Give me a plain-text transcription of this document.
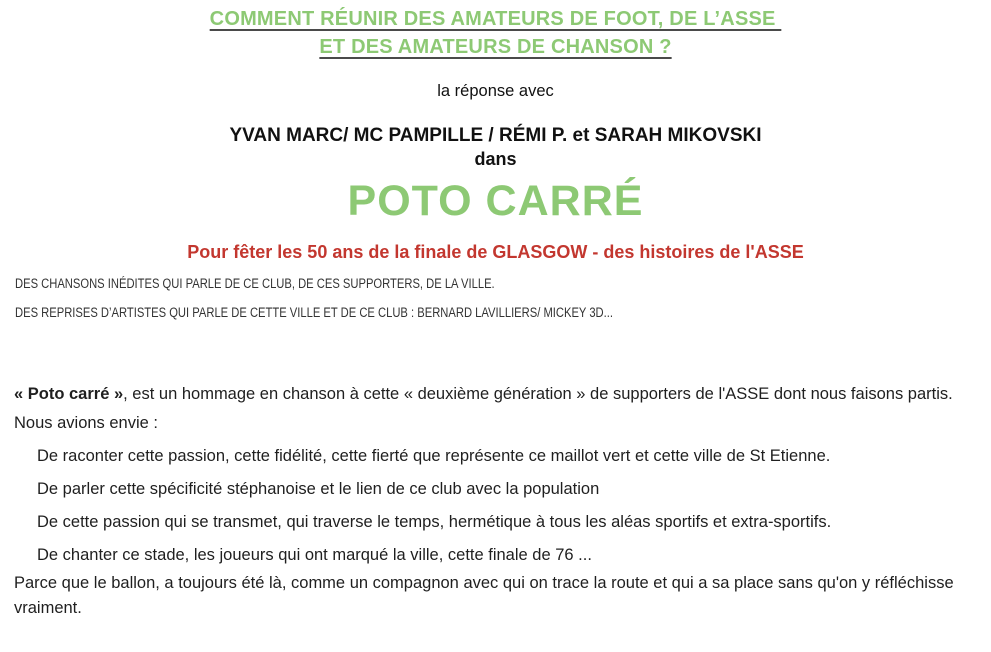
COMMENT RÉUNIR DES AMATEURS DE FOOT, DE L’ASSE
ET DES AMATEURS DE CHANSON ?
la réponse avec
YVAN MARC/ MC PAMPILLE / RÉMI P. et SARAH MIKOVSKI
dans
POTO CARRÉ
Pour fêter les 50 ans de la finale de GLASGOW - des histoires de l'ASSE
DES CHANSONS INÉDITES QUI PARLE DE CE CLUB, DE CES SUPPORTERS, DE LA VILLE.
DES REPRISES D’ARTISTES QUI PARLE DE CETTE VILLE ET DE CE CLUB : BERNARD LAVILLIERS/ MICKEY 3D...
« Poto carré », est un hommage en chanson à cette « deuxième génération » de supporters de l'ASSE dont nous faisons partis.
Nous avions envie :
De raconter cette passion, cette fidélité, cette fierté que représente ce maillot vert et cette ville de St Etienne.
De parler cette spécificité stéphanoise et le lien de ce club avec la population
De cette passion qui se transmet, qui traverse le temps, hermétique à tous les aléas sportifs et extra-sportifs.
De chanter ce stade, les joueurs qui ont marqué la ville, cette finale de 76 ...
Parce que le ballon, a toujours été là, comme un compagnon avec qui on trace la route et qui a sa place sans qu'on y réfléchisse vraiment.
